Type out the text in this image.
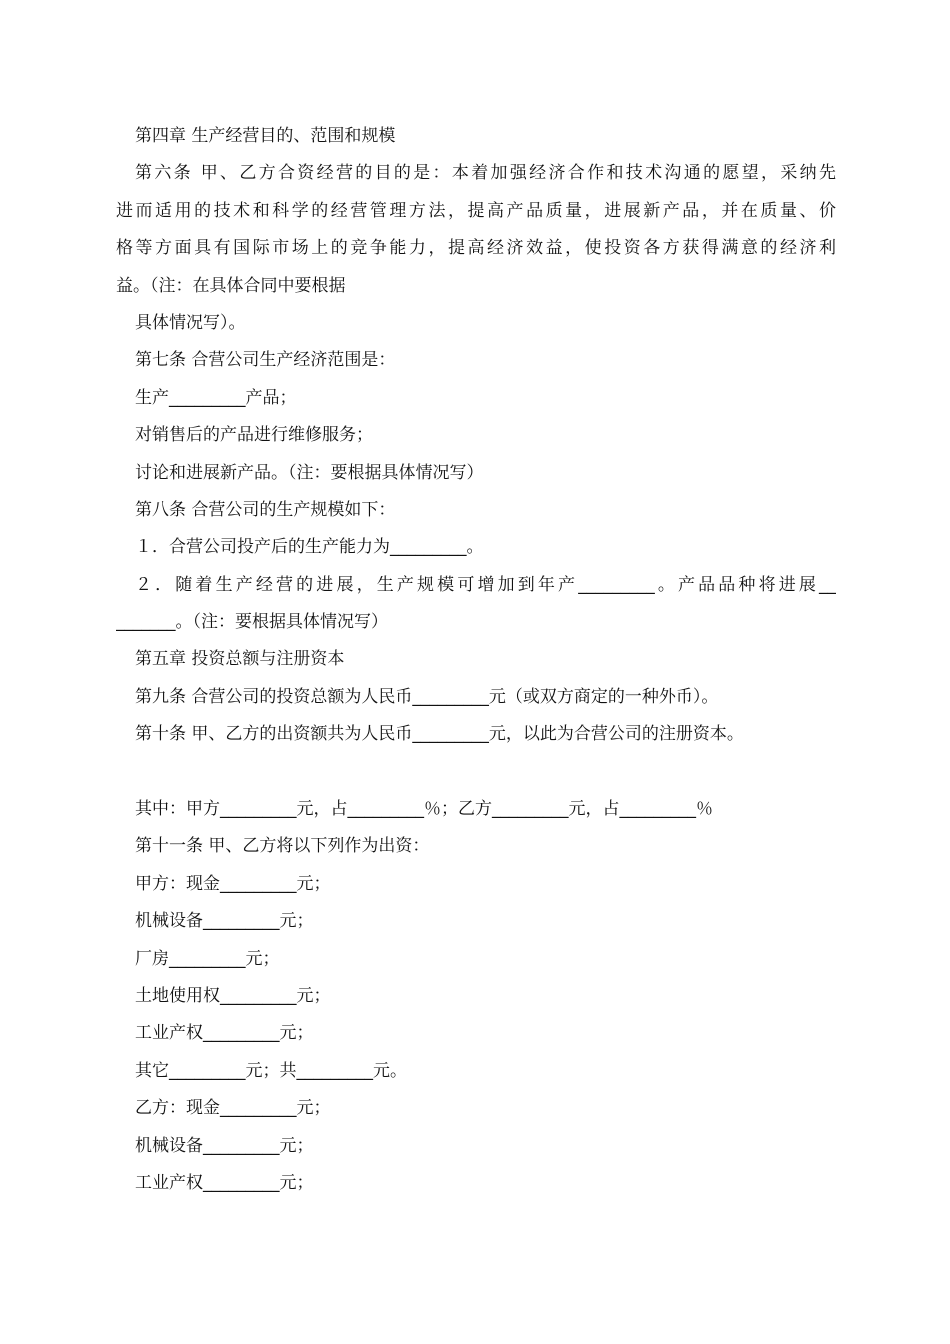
第四章 生产经营目的、范围和规模
第六条 甲、乙方合资经营的目的是：本着加强经济合作和技术沟通的愿望，采纳先
进而适用的技术和科学的经营管理方法，提高产品质量，进展新产品，并在质量、价
格等方面具有国际市场上的竞争能力，提高经济效益，使投资各方获得满意的经济利
益。（注：在具体合同中要根据
具体情况写）。
第七条 合营公司生产经济范围是：
生产_________产品；
对销售后的产品进行维修服务；
讨论和进展新产品。（注：要根据具体情况写）
第八条 合营公司的生产规模如下：
１．合营公司投产后的生产能力为_________。
２．随着生产经营的进展，生产规模可增加到年产_________。产品品种将进展__
_______。（注：要根据具体情况写）
第五章 投资总额与注册资本
第九条 合营公司的投资总额为人民币_________元（或双方商定的一种外币）。
第十条 甲、乙方的出资额共为人民币_________元，以此为合营公司的注册资本。
其中：甲方_________元，占_________％；乙方_________元，占_________％
第十一条 甲、乙方将以下列作为出资：
甲方：现金_________元；
机械设备_________元；
厂房_________元；
土地使用权_________元；
工业产权_________元；
其它_________元；共_________元。
乙方：现金_________元；
机械设备_________元；
工业产权_________元；
